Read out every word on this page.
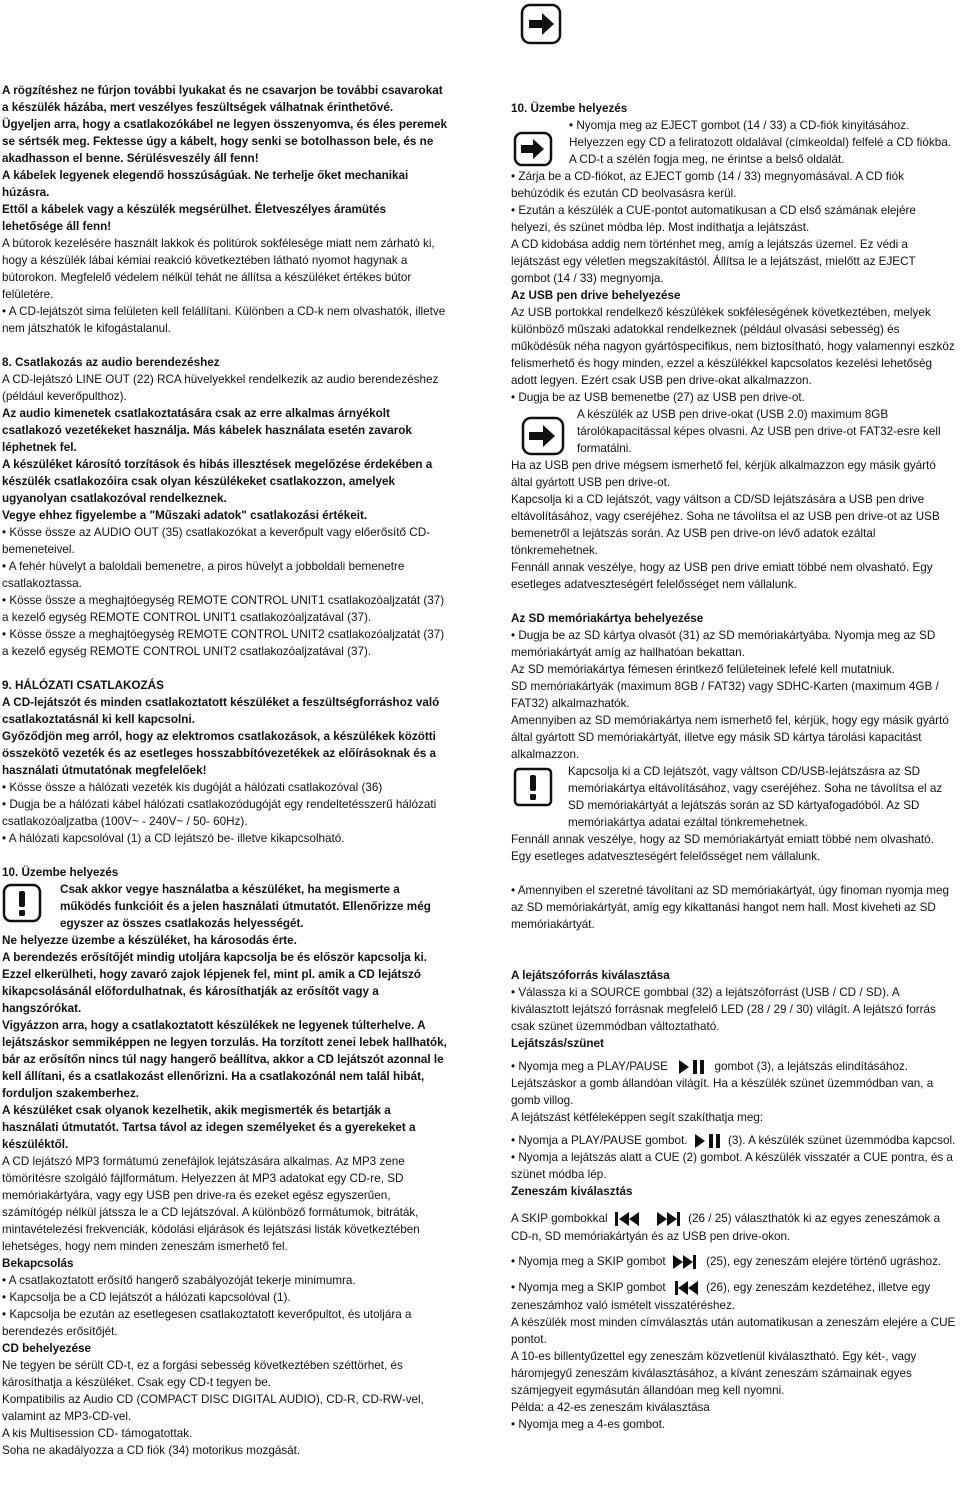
A rögzítéshez ne fúrjon további lyukakat és ne csavarjon be további csavarokat a készülék házába, mert veszélyes feszültségek válhatnak érinthetővé.

Ügyeljen arra, hogy a csatlakozókábel ne legyen összenyomva, és éles peremek se sértsék meg. Fektesse úgy a kábelt, hogy senki se botolhasson bele, és ne akadhasson el benne. Sérülésveszély áll fenn!

A kábelek legyenek elegendő hosszúságúak. Ne terhelje őket mechanikai húzásra.

Ettől a kábelek vagy a készülék megsérülhet. Életveszélyes áramütés lehetősége áll fenn!

A bútorok kezelésére használt lakkok és politúrok sokfélesége miatt nem zárható ki, hogy a készülék lábai kémiai reakció következtében látható nyomot hagynak a bútorokon. Megfelelő védelem nélkül tehát ne állítsa a készüléket értékes bútor felületére.

• A CD-lejátszót sima felületen kell felállítani. Különben a CD-k nem olvashatók, illetve nem játszhatók le kifogástalanul.

8. Csatlakozás az audio berendezéshez

A CD-lejátszó LINE OUT (22) RCA hüvelyekkel rendelkezik az audio berendezéshez (például keverőpulthoz).

Az audio kimenetek csatlakoztatására csak az erre alkalmas árnyékolt csatlakozó vezetékeket használja. Más kábelek használata esetén zavarok léphetnek fel.

A készüléket károsító torzítások és hibás illesztések megelőzése érdekében a készülék csatlakozóira csak olyan készülékeket csatlakozzon, amelyek ugyanolyan csatlakozóval rendelkeznek.

Vegye ehhez figyelembe a "Műszaki adatok" csatlakozási értékeit.

• Kösse össze az AUDIO OUT (35) csatlakozókat a keverőpult vagy előerősítő CD-bemeneteivel.

• A fehér hüvelyt a baloldali bemenetre, a piros hüvelyt a jobboldali bemenetre csatlakoztassa.

• Kösse össze a meghajtóegység REMOTE CONTROL UNIT1 csatlakozóaljzatát (37) a kezelő egység REMOTE CONTROL UNIT1 csatlakozóaljzatával (37).

• Kösse össze a meghajtóegység REMOTE CONTROL UNIT2 csatlakozóaljzatát (37) a kezelő egység REMOTE CONTROL UNIT2 csatlakozóaljzatával (37).

9. HÁLÓZATI CSATLAKOZÁS

A CD-lejátszót és minden csatlakoztatott készüléket a feszültségforráshoz való csatlakoztatásnál ki kell kapcsolni.

Győződjön meg arról, hogy az elektromos csatlakozások, a készülékek közötti összekötő vezeték és az esetleges hosszabbítóvezetékek az előírásoknak és a használati útmutatónak megfelelőek!

• Kösse össze a hálózati vezeték kis dugóját a hálózati csatlakozóval (36)

• Dugja be a hálózati kábel hálózati csatlakozódugóját egy rendeltetésszerű hálózati csatlakozóaljzatba (100V~ - 240V~ / 50- 60Hz).

• A hálózati kapcsolóval (1) a CD lejátszó be- illetve kikapcsolható.

10. Üzembe helyezés

Csak akkor vegye használatba a készüléket, ha megismerte a működés funkcióit és a jelen használati útmutatót. Ellenőrizze még egyszer az összes csatlakozás helyességét.

Ne helyezze üzembe a készüléket, ha károsodás érte.

A berendezés erősítőjét mindig utoljára kapcsolja be és először kapcsolja ki. Ezzel elkerülheti, hogy zavaró zajok lépjenek fel, mint pl. amik a CD lejátszó kikapcsolásánál előfordulhatnak, és károsíthatják az erősítőt vagy a hangszórókat.

Vigyázzon arra, hogy a csatlakoztatott készülékek ne legyenek túlterhelve. A lejátszáskor semmiképpen ne legyen torzulás. Ha torzított zenei lebek hallhatók, bár az erősítőn nincs túl nagy hangerő beállítva, akkor a CD lejátszót azonnal le kell állítani, és a csatlakozást ellenőrizni. Ha a csatlakozónál nem talál hibát, forduljon szakemberhez.

A készüléket csak olyanok kezelhetik, akik megismerték és betartják a használati útmutatót. Tartsa távol az idegen személyeket és a gyerekeket a készüléktől.

A CD lejátszó MP3 formátumú zenefájlok lejátszására alkalmas. Az MP3 zene tömörítésre szolgáló fájlformátum. Helyezzen át MP3 adatokat egy CD-re, SD memóriakártyára, vagy egy USB pen drive-ra és ezeket egész egyszerűen, számítógép nélkül játssza le a CD lejátszóval. A különböző formátumok, bitráták, mintavételezési frekvenciák, kódolási eljárások és lejátszási listák következtében lehetséges, hogy nem minden zeneszám ismerhető fel.

Bekapcsolás

• A csatlakoztatott erősítő hangerő szabályozóját tekerje minimumra.

• Kapcsolja be a CD lejátszót a hálózati kapcsolóval (1).

• Kapcsolja be ezután az esetlegesen csatlakoztatott keverőpultot, és utoljára a berendezés erősítőjét.

CD behelyezése

Ne tegyen be sérült CD-t, ez a forgási sebesség következtében széttörhet, és károsíthatja a készüléket. Csak egy CD-t tegyen be.

Kompatibilis az Audio CD (COMPACT DISC DIGITAL AUDIO), CD-R, CD-RW-vel, valamint az MP3-CD-vel.

A kis Multisession CD- támogatottak.

Soha ne akadályozza a CD fiók (34) motorikus mozgását.

10. Üzembe helyezés

• Nyomja meg az EJECT gombot (14 / 33) a CD-fiók kinyitásához.

Helyezzen egy CD a feliratozott oldalával (címkeoldal) felfelé a CD fiókba. A CD-t a szélén fogja meg, ne érintse a belső oldalát.

• Zárja be a CD-fiókot, az EJECT gomb (14 / 33) megnyomásával. A CD fiók behúzódik és ezután CD beolvasásra kerül.

• Ezután a készülék a CUE-pontot automatikusan a CD első számának elejére helyezi, és szünet módba lép. Most indíthatja a lejátszást.

A CD kidobása addig nem történhet meg, amíg a lejátszás üzemel. Ez védi a lejátszást egy véletlen megszakítástól. Állítsa le a lejátszást, mielőtt az EJECT gombot (14 / 33) megnyomja.

Az USB pen drive behelyezése

Az USB portokkal rendelkező készülékek sokféleségének következtében, melyek különböző műszaki adatokkal rendelkeznek (például olvasási sebesség) és működésük néha nagyon gyártóspecifikus, nem biztosítható, hogy valamennyi eszköz felismerhető és hogy minden, ezzel a készülékkel kapcsolatos kezelési lehetőség adott legyen. Ezért csak USB pen drive-okat alkalmazzon.

• Dugja be az USB bemenetbe (27) az USB pen drive-ot.

A készülék az USB pen drive-okat (USB 2.0) maximum 8GB tárolókapacitással képes olvasni. Az USB pen drive-ot FAT32-esre kell formatálni.

Ha az USB pen drive mégsem ismerhető fel, kérjük alkalmazzon egy másik gyártó által gyártott USB pen drive-ot.

Kapcsolja ki a CD lejátszót, vagy váltson a CD/SD lejátszására a USB pen drive eltávolításához, vagy cseréjéhez. Soha ne távolítsa el az USB pen drive-ot az USB bemenetről a lejátszás során. Az USB pen drive-on lévő adatok ezáltal tönkremehetnek.

Fennáll annak veszélye, hogy az USB pen drive emiatt többé nem olvasható. Egy esetleges adatveszteségért felelősséget nem vállalunk.

Az SD memóriakártya behelyezése

• Dugja be az SD kártya olvasót (31) az SD memóriakártyába. Nyomja meg az SD memóriakártyát amíg az hallhatóan bekattan.

Az SD memóriakártya fémesen érintkező felületeinek lefelé kell mutatniuk.

SD memóriakártyák (maximum 8GB / FAT32) vagy SDHC-Karten (maximum 4GB / FAT32) alkalmazhatók.

Amennyiben az SD memóriakártya nem ismerhető fel, kérjük, hogy egy másik gyártó által gyártott SD memóriakártyát, illetve egy másik SD kártya tárolási kapacitást alkalmazzon.

Kapcsolja ki a CD lejátszót, vagy váltson CD/USB-lejátszásra az SD memóriakártya eltávolításához, vagy cseréjéhez. Soha ne távolítsa el az SD memóriakártyát a lejátszás során az SD kártyafogadóból. Az SD memóriakártya adatai ezáltal tönkremehetnek.

Fennáll annak veszélye, hogy az SD memóriakártyát emiatt többé nem olvasható. Egy esetleges adatveszteségért felelősséget nem vállalunk.

• Amennyiben el szeretné távolítani az SD memóriakártyát, úgy finoman nyomja meg az SD memóriakártyát, amíg egy kikattanási hangot nem hall. Most kiveheti az SD memóriakártyát.

A lejátszóforrás kiválasztása

• Válassza ki a SOURCE gombbal (32) a lejátszóforrást (USB / CD / SD). A kiválasztott lejátszó forrásnak megfelelő LED (28 / 29 / 30) világít. A lejátszó forrás csak szünet üzemmódban változtatható.

Lejátszás/szünet

• Nyomja meg a PLAY/PAUSE	gombot (3), a lejátszás elindításához.

Lejátszáskor a gomb állandóan világít. Ha a készülék szünet üzemmódban van, a gomb villog.

A lejátszást kétféleképpen segít szakíthatja meg:

• Nyomja a PLAY/PAUSE gombot.	(3). A készülék szünet üzemmódba kapcsol.

• Nyomja a lejátszás alatt a CUE (2) gombot. A készülék visszatér a CUE pontra, és a szünet módba lép.

Zeneszám kiválasztás

A SKIP gombokkal	(26 / 25) választhatók ki az egyes zeneszámok a CD-n, SD memóriakártyán és az USB pen drive-okon.

• Nyomja meg a SKIP gombot	(25), egy zeneszám elejére történő ugráshoz.

• Nyomja meg a SKIP gombot	(26), egy zeneszám kezdetéhez, illetve egy zeneszámhoz való ismételt visszatéréshez.

A készülék most minden címválasztás után automatikusan a zeneszám elejére a CUE pontot.

A 10-es billentyűzettel egy zeneszám közvetlenül kiválasztható. Egy két-, vagy háromjegyű zeneszám kiválasztásához, a kívánt zeneszám számainak egyes számjegyeit egymásután állandóan meg kell nyomni.

Példa: a 42-es zeneszám kiválasztása

• Nyomja meg a 4-es gombot.
